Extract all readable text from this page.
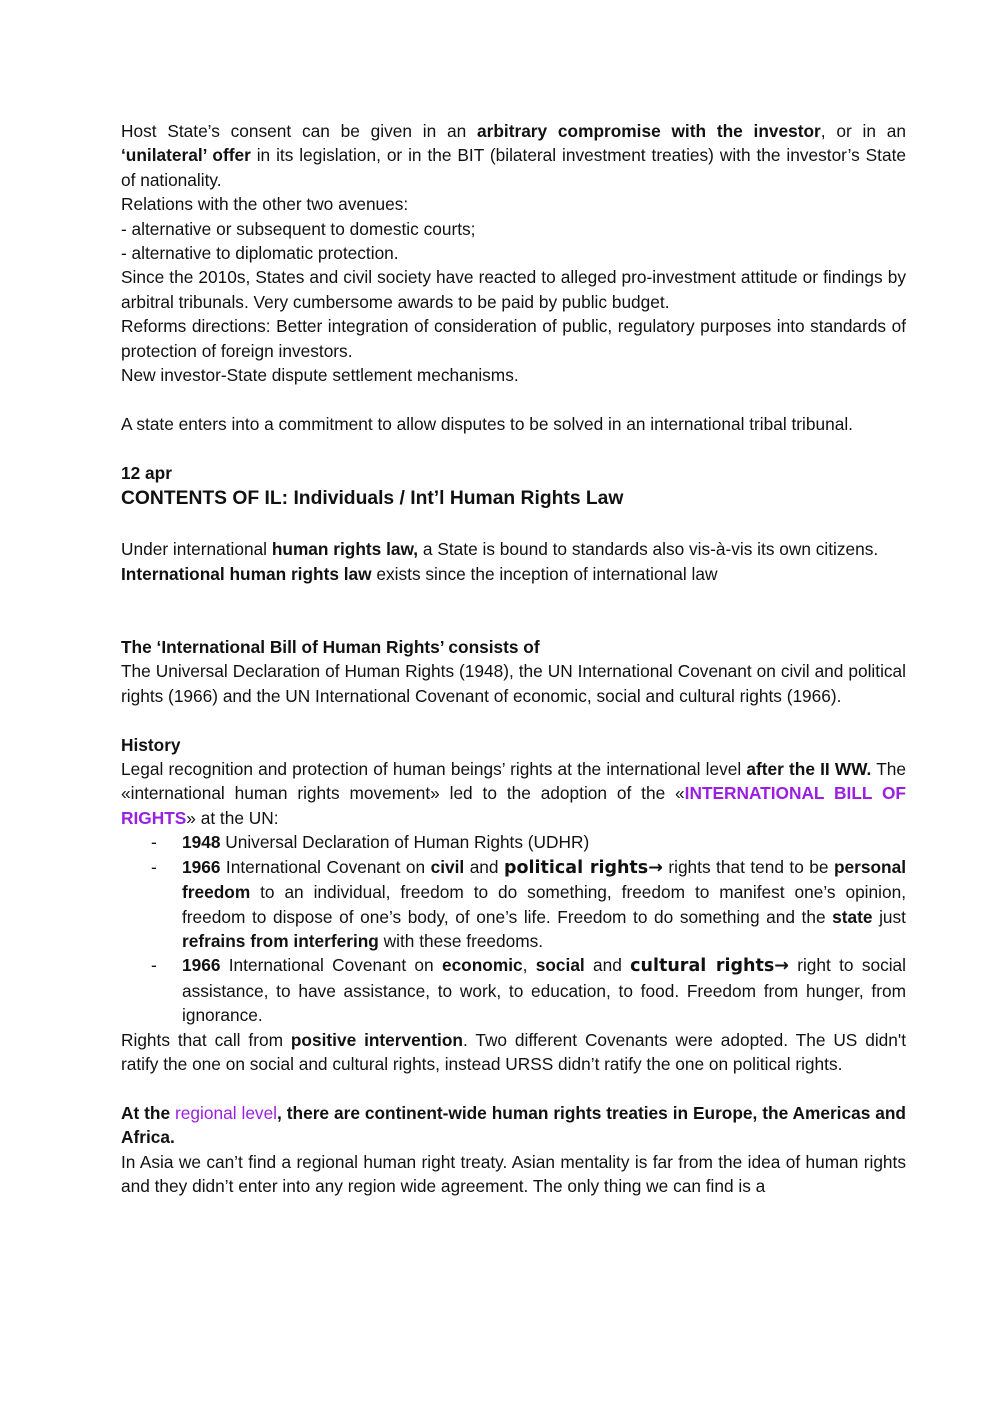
Host State’s consent can be given in an arbitrary compromise with the investor, or in an ‘unilateral’ offer in its legislation, or in the BIT (bilateral investment treaties) with the investor’s State of nationality.

Relations with the other two avenues:

- alternative or subsequent to domestic courts;

- alternative to diplomatic protection.

Since the 2010s, States and civil society have reacted to alleged pro-investment attitude or findings by arbitral tribunals. Very cumbersome awards to be paid by public budget.

Reforms directions: Better integration of consideration of public, regulatory purposes into standards of protection of foreign investors.

New investor-State dispute settlement mechanisms.

A state enters into a commitment to allow disputes to be solved in an international tribal tribunal.

12 apr

CONTENTS OF IL: Individuals / Int’l Human Rights Law

Under international human rights law, a State is bound to standards also vis-à-vis its own citizens.

International human rights law exists since the inception of international law

The ‘International Bill of Human Rights’ consists of

The Universal Declaration of Human Rights (1948), the UN International Covenant on civil and political rights (1966) and the UN International Covenant of economic, social and cultural rights (1966).

History

Legal recognition and protection of human beings’ rights at the international level after the II WW. The «international human rights movement» led to the adoption of the «INTERNATIONAL BILL OF RIGHTS» at the UN:

- 1948 Universal Declaration of Human Rights (UDHR)
- 1966 International Covenant on civil and political rights→ rights that tend to be personal freedom to an individual, freedom to do something, freedom to manifest one’s opinion, freedom to dispose of one’s body, of one’s life. Freedom to do something and the state just refrains from interfering with these freedoms.
- 1966 International Covenant on economic, social and cultural rights→ right to social assistance, to have assistance, to work, to education, to food. Freedom from hunger, from ignorance.

Rights that call from positive intervention. Two different Covenants were adopted. The US didn't ratify the one on social and cultural rights, instead URSS didn’t ratify the one on political rights.

At the regional level, there are continent-wide human rights treaties in Europe, the Americas and Africa.

In Asia we can’t find a regional human right treaty. Asian mentality is far from the idea of human rights and they didn’t enter into any region wide agreement. The only thing we can find is a
